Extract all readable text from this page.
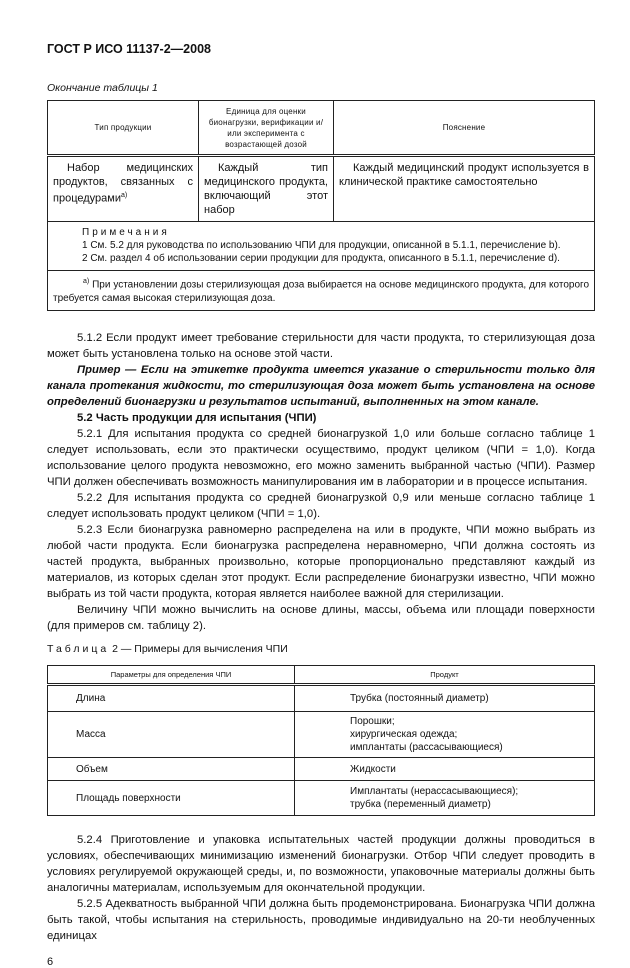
ГОСТ Р ИСО 11137-2—2008
Окончание таблицы 1
Тип продукции	Единица для оценки бионагрузки, верификации и/или эксперимента с возрастающей дозой	Пояснение
Набор медицинских продуктов, связанных с процедурами$^{a)}$	Каждый тип медицинского продукта, включающий этот набор	Каждый медицинский продукт используется в клинической практике самостоятельно

Примечания
1 См. 5.2 для руководства по использованию ЧПИ для продукции, описанной в 5.1.1, перечисление b).
2 См. раздел 4 об использовании серии продукции для продукта, описанного в 5.1.1, перечисление d).		

$^{a)}$ При установлении дозы стерилизующая доза выбирается на основе медицинского продукта, для которого требуется самая высокая стерилизующая доза.		

5.1.2 Если продукт имеет требование стерильности для части продукта, то стерилизующая доза может быть установлена только на основе этой части.

Пример — Если на этикетке продукта имеется указание о стерильности только для канала протекания жидкости, то стерилизующая доза может быть установлена на основе определений бионагрузки и результатов испытаний, выполненных на этом канале.

5.2 Часть продукции для испытания (ЧПИ)

5.2.1 Для испытания продукта со средней бионагрузкой 1,0 или больше согласно таблице 1 следует использовать, если это практически осуществимо, продукт целиком (ЧПИ = 1,0). Когда использование целого продукта невозможно, его можно заменить выбранной частью (ЧПИ). Размер ЧПИ должен обеспечивать возможность манипулирования им в лаборатории и в процессе испытания.

5.2.2 Для испытания продукта со средней бионагрузкой 0,9 или меньше согласно таблице 1 следует использовать продукт целиком (ЧПИ = 1,0).

5.2.3 Если бионагрузка равномерно распределена на или в продукте, ЧПИ можно выбрать из любой части продукта. Если бионагрузка распределена неравномерно, ЧПИ должна состоять из частей продукта, выбранных произвольно, которые пропорционально представляют каждый из материалов, из которых сделан этот продукт. Если распределение бионагрузки известно, ЧПИ можно выбрать из той части продукта, которая является наиболее важной для стерилизации.

Величину ЧПИ можно вычислить на основе длины, массы, объема или площади поверхности (для примеров см. таблицу 2).

Таблица 2 — Примеры для вычисления ЧПИ
Параметры для определения ЧПИ	Продукт
Длина	Трубка (постоянный диаметр)

Масса	Порошки;
хирургическая одежда;
имплантаты (рассасывающиеся)

Объем	Жидкости

Площадь поверхности	Имплантаты (нерассасывающиеся);
трубка (переменный диаметр)

5.2.4 Приготовление и упаковка испытательных частей продукции должны проводиться в условиях, обеспечивающих минимизацию изменений бионагрузки. Отбор ЧПИ следует проводить в условиях регулируемой окружающей среды, и, по возможности, упаковочные материалы должны быть аналогичны материалам, используемым для окончательной продукции.

5.2.5 Адекватность выбранной ЧПИ должна быть продемонстрирована. Бионагрузка ЧПИ должна быть такой, чтобы испытания на стерильность, проводимые индивидуально на 20-ти необлученных единицах

6
